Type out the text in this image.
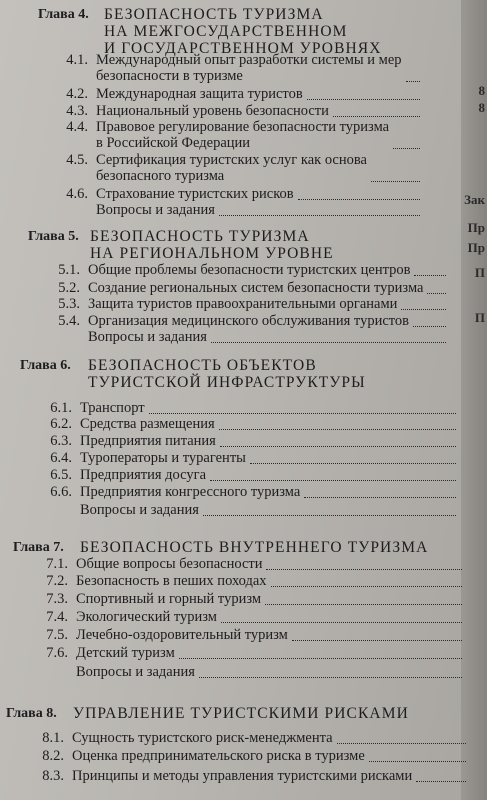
Глава 4. БЕЗОПАСНОСТЬ ТУРИЗМА
НА МЕЖГОСУДАРСТВЕННОМ
И ГОСУДАРСТВЕННОМ УРОВНЯХ
4.1. Международный опыт разработки системы и мер
безопасности в туризме
4.2. Международная защита туристов
4.3. Национальный уровень безопасности
4.4. Правовое регулирование безопасности туризма
в Российской Федерации
4.5. Сертификация туристских услуг как основа
безопасного туризма
4.6. Страхование туристских рисков
Вопросы и задания
Глава 5. БЕЗОПАСНОСТЬ ТУРИЗМА
НА РЕГИОНАЛЬНОМ УРОВНЕ
5.1. Общие проблемы безопасности туристских центров
5.2. Создание региональных систем безопасности туризма
5.3. Защита туристов правоохранительными органами
5.4. Организация медицинского обслуживания туристов
Вопросы и задания
Глава 6.	БЕЗОПАСНОСТЬ ОБЪЕКТОВ
ТУРИСТСКОЙ ИНФРАСТРУКТУРЫ
6.1. Транспорт
6.2. Средства размещения
6.3. Предприятия питания
6.4. Туроператоры и турагенты
6.5. Предприятия досуга
6.6. Предприятия конгрессного туризма
Вопросы и задания
Глава 7.	БЕЗОПАСНОСТЬ ВНУТРЕННЕГО ТУРИЗМА
7.1. Общие вопросы безопасности
7.2. Безопасность в пеших походах
7.3. Спортивный и горный туризм
7.4. Экологический туризм
7.5. Лечебно-оздоровительный туризм
7.6. Детский туризм
Вопросы и задания
Глава 8.	УПРАВЛЕНИЕ ТУРИСТСКИМИ РИСКАМИ
8.1. Сущность туристского риск-менеджмента
8.2. Оценка предпринимательского риска в туризме
8.3. Принципы и методы управления туристскими рисками
8
8
Зак
Пр
Пр
П
П
